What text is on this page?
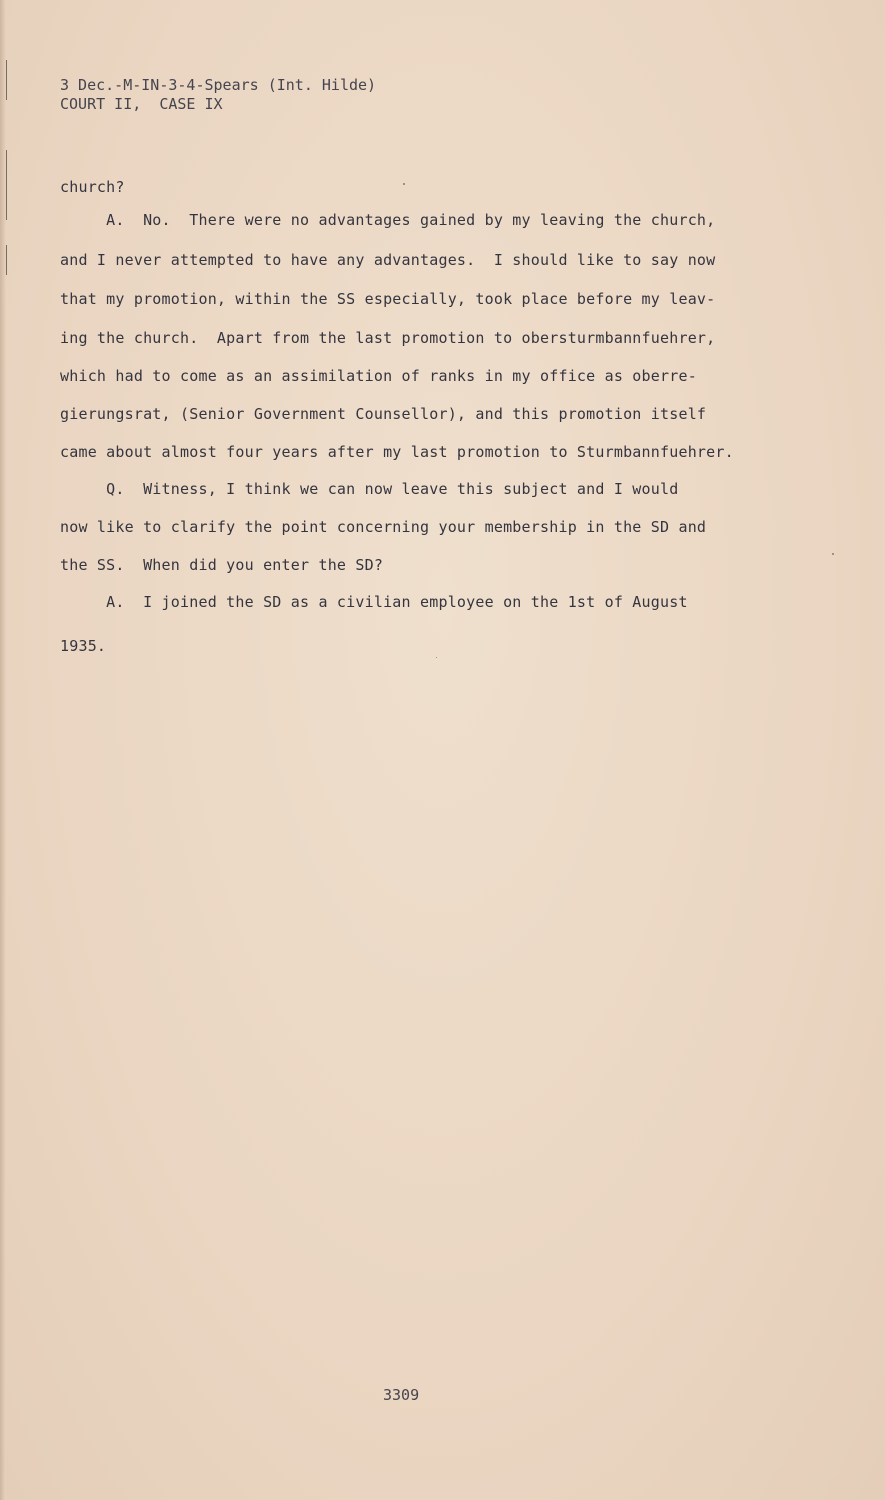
3 Dec.-M-IN-3-4-Spears (Int. Hilde)
COURT II,  CASE IX
church?
A.  No.  There were no advantages gained by my leaving the church,
and I never attempted to have any advantages.  I should like to say now
that my promotion, within the SS especially, took place before my leav-
ing the church.  Apart from the last promotion to obersturmbannfuehrer,
which had to come as an assimilation of ranks in my office as oberre-
gierungsrat, (Senior Government Counsellor), and this promotion itself
came about almost four years after my last promotion to Sturmbannfuehrer.
Q.  Witness, I think we can now leave this subject and I would
now like to clarify the point concerning your membership in the SD and
the SS.  When did you enter the SD?
A.  I joined the SD as a civilian employee on the 1st of August
1935.
3309
